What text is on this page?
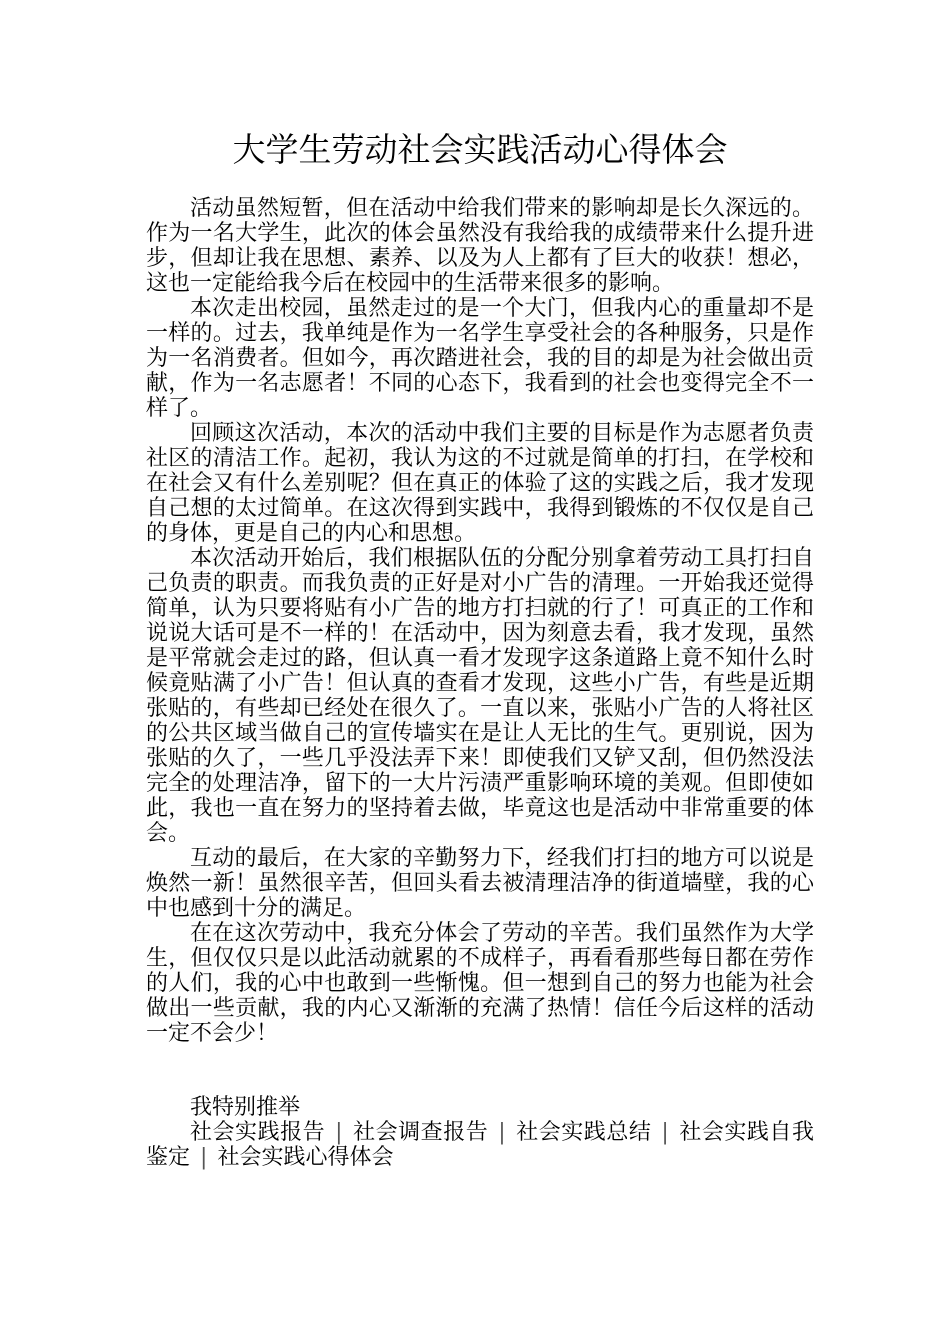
大学生劳动社会实践活动心得体会

活动虽然短暂，但在活动中给我们带来的影响却是长久深远的。作为一名大学生，此次的体会虽然没有我给我的成绩带来什么提升进步，但却让我在思想、素养、以及为人上都有了巨大的收获！想必，这也一定能给我今后在校园中的生活带来很多的影响。

本次走出校园，虽然走过的是一个大门，但我内心的重量却不是一样的。过去，我单纯是作为一名学生享受社会的各种服务，只是作为一名消费者。但如今，再次踏进社会，我的目的却是为社会做出贡献，作为一名志愿者！不同的心态下，我看到的社会也变得完全不一样了。

回顾这次活动，本次的活动中我们主要的目标是作为志愿者负责社区的清洁工作。起初，我认为这的不过就是简单的打扫，在学校和在社会又有什么差别呢？但在真正的体验了这的实践之后，我才发现自己想的太过简单。在这次得到实践中，我得到锻炼的不仅仅是自己的身体，更是自己的内心和思想。

本次活动开始后，我们根据队伍的分配分别拿着劳动工具打扫自己负责的职责。而我负责的正好是对小广告的清理。一开始我还觉得简单，认为只要将贴有小广告的地方打扫就的行了！可真正的工作和说说大话可是不一样的！在活动中，因为刻意去看，我才发现，虽然是平常就会走过的路，但认真一看才发现字这条道路上竟不知什么时候竟贴满了小广告！但认真的查看才发现，这些小广告，有些是近期张贴的，有些却已经处在很久了。一直以来，张贴小广告的人将社区的公共区域当做自己的宣传墙实在是让人无比的生气。更别说，因为张贴的久了，一些几乎没法弄下来！即使我们又铲又刮，但仍然没法完全的处理洁净，留下的一大片污渍严重影响环境的美观。但即使如此，我也一直在努力的坚持着去做，毕竟这也是活动中非常重要的体会。

互动的最后，在大家的辛勤努力下，经我们打扫的地方可以说是焕然一新！虽然很辛苦，但回头看去被清理洁净的街道墙壁，我的心中也感到十分的满足。

在在这次劳动中，我充分体会了劳动的辛苦。我们虽然作为大学生，但仅仅只是以此活动就累的不成样子，再看看那些每日都在劳作的人们，我的心中也敢到一些惭愧。但一想到自己的努力也能为社会做出一些贡献，我的内心又渐渐的充满了热情！信任今后这样的活动一定不会少！

我特别推举

社会实践报告 | 社会调查报告 | 社会实践总结 | 社会实践自我鉴定 | 社会实践心得体会
